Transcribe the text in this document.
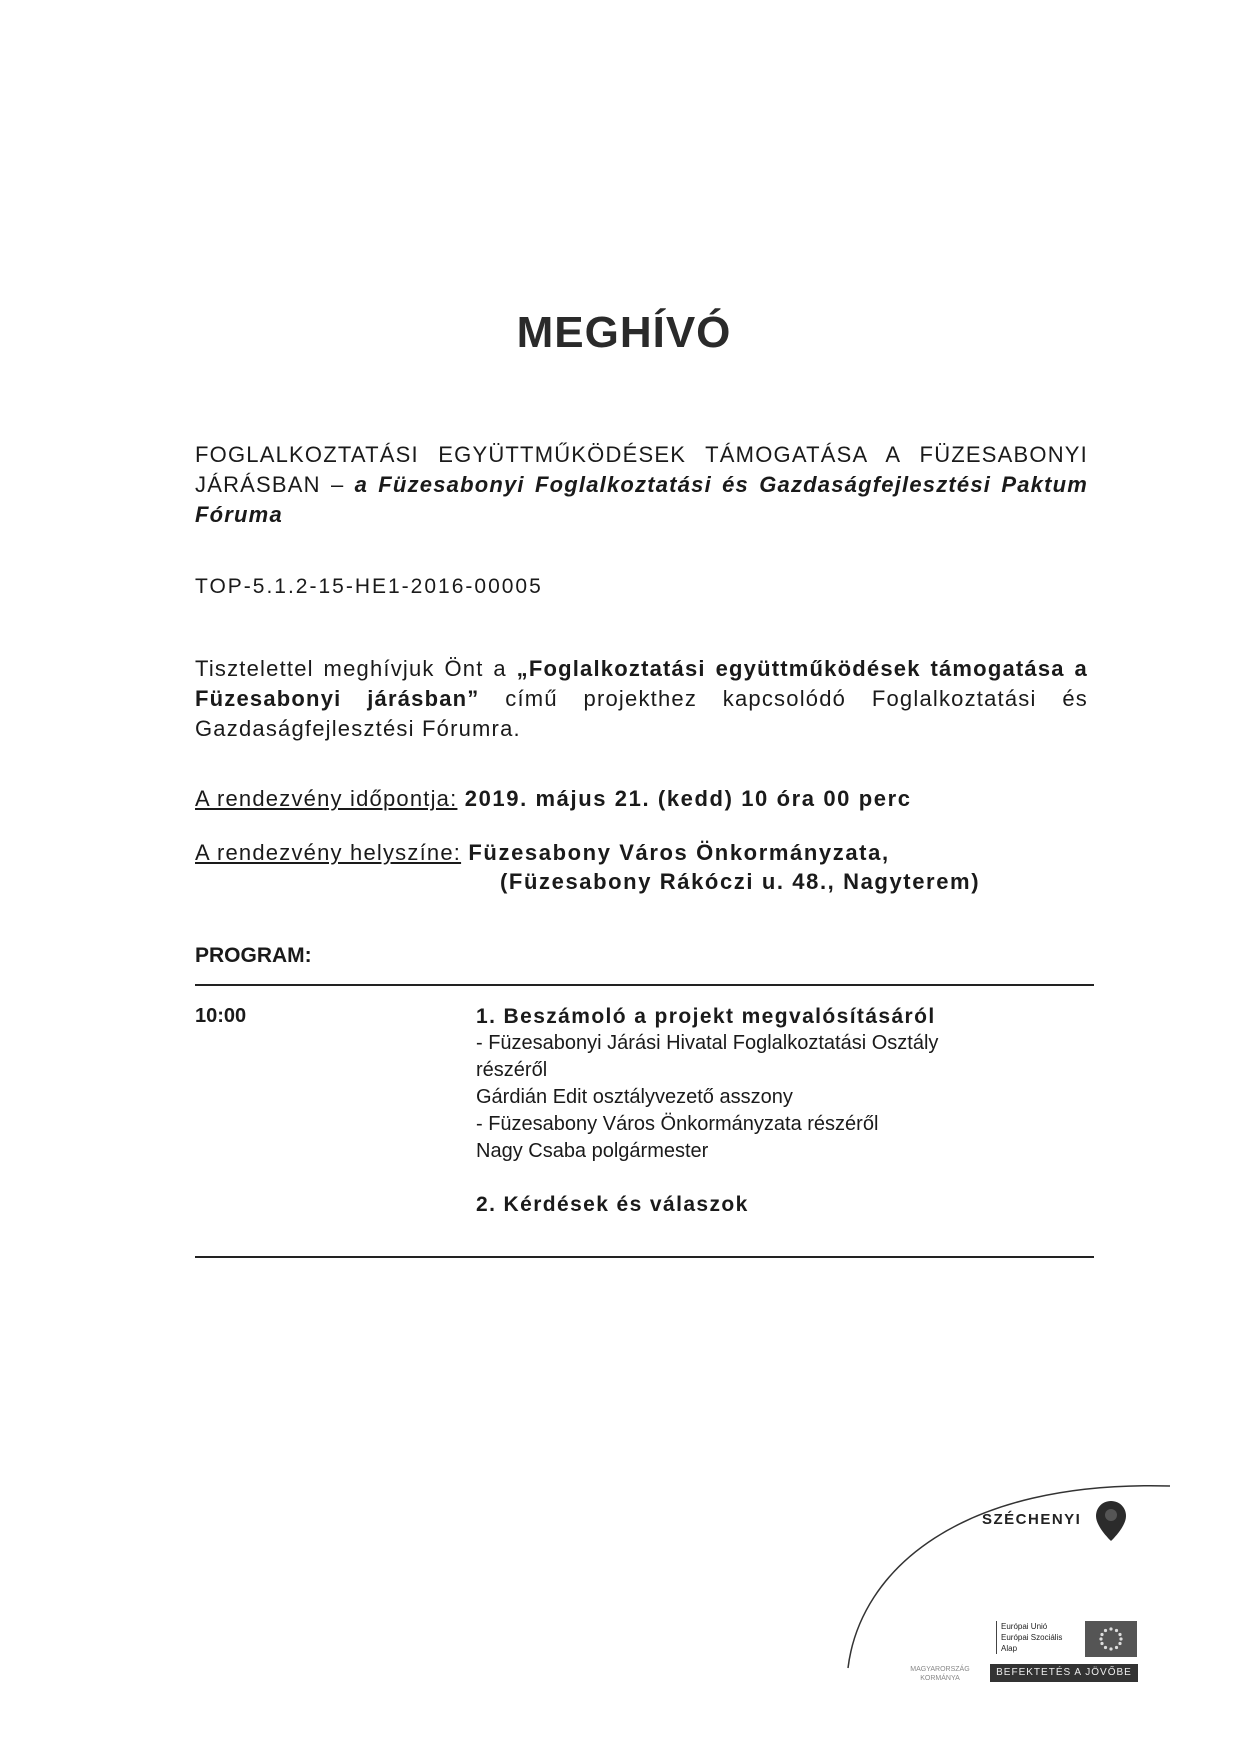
MEGHÍVÓ
FOGLALKOZTATÁSI EGYÜTTMŰKÖDÉSEK TÁMOGATÁSA A FÜZESABONYI JÁRÁSBAN – a Füzesabonyi Foglalkoztatási és Gazdaságfejlesztési Paktum Fóruma
TOP-5.1.2-15-HE1-2016-00005
Tisztelettel meghívjuk Önt a „Foglalkoztatási együttműködések támogatása a Füzesabonyi járásban” című projekthez kapcsolódó Foglalkoztatási és Gazdaságfejlesztési Fórumra.
A rendezvény időpontja: 2019. május 21. (kedd) 10 óra 00 perc
A rendezvény helyszíne: Füzesabony Város Önkormányzata,
(Füzesabony Rákóczi u. 48., Nagyterem)
PROGRAM:
10:00	1. Beszámoló a projekt megvalósításáról
- Füzesabonyi Járási Hivatal Foglalkoztatási Osztály
részéről
Gárdián Edit osztályvezető asszony
- Füzesabony Város Önkormányzata részéről
Nagy Csaba polgármester
2. Kérdések és válaszok
SZÉCHENYI
Európai Unió
Európai Szociális
Alap
MAGYARORSZÁG
KORMÁNYA
BEFEKTETÉS A JÖVŐBE
